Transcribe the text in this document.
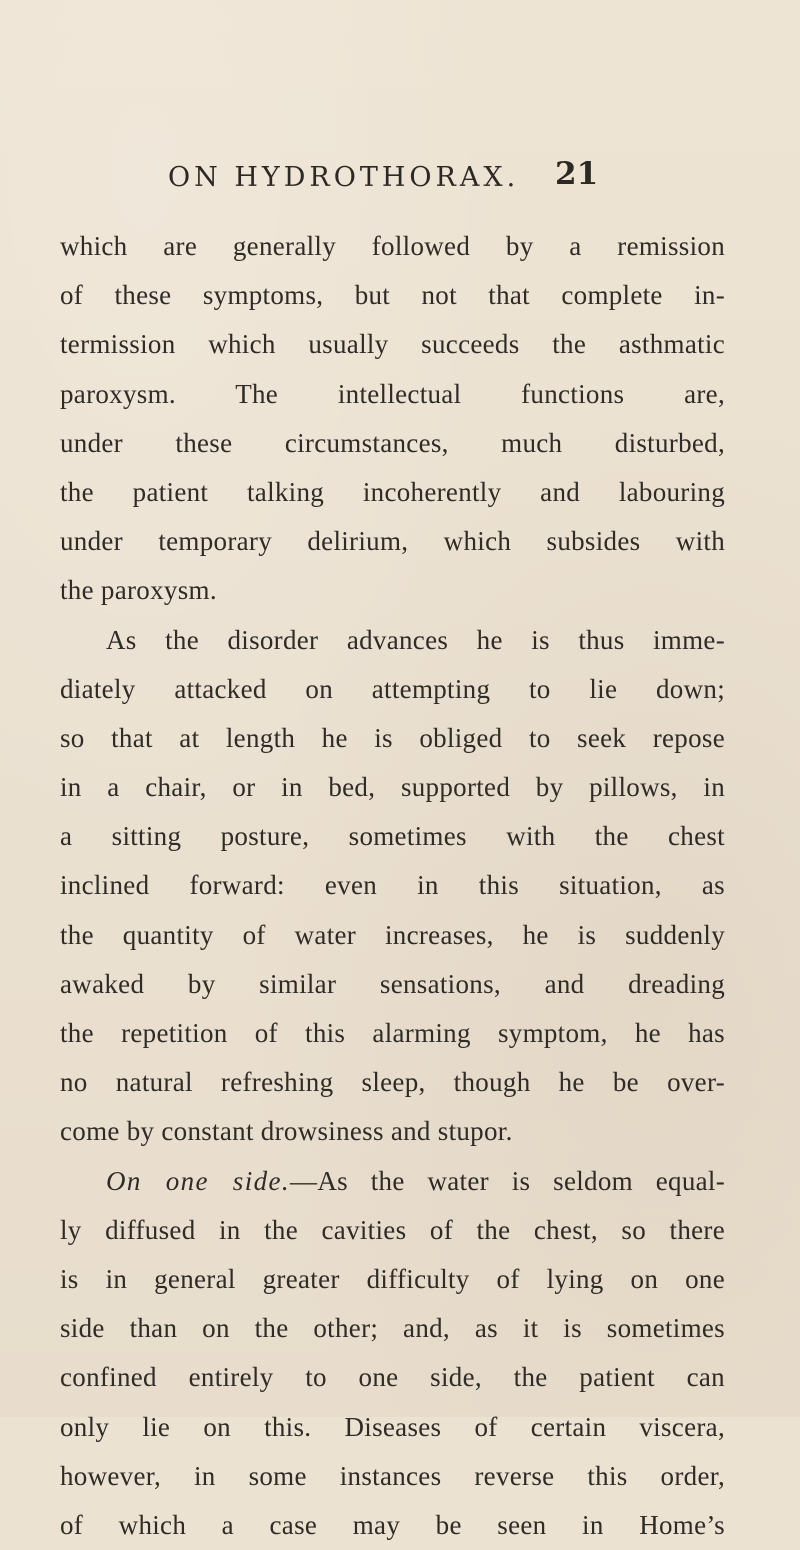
ON HYDROTHORAX. 21
which are generally followed by a remission
of these symptoms, but not that complete in-
termission which usually succeeds the asthmatic
paroxysm. The intellectual functions are,
under these circumstances, much disturbed,
the patient talking incoherently and labouring
under temporary delirium, which subsides with
the paroxysm.
As the disorder advances he is thus imme-
diately attacked on attempting to lie down;
so that at length he is obliged to seek repose
in a chair, or in bed, supported by pillows, in
a sitting posture, sometimes with the chest
inclined forward: even in this situation, as
the quantity of water increases, he is suddenly
awaked by similar sensations, and dreading
the repetition of this alarming symptom, he has
no natural refreshing sleep, though he be over-
come by constant drowsiness and stupor.
On one side.—As the water is seldom equal-
ly diffused in the cavities of the chest, so there
is in general greater difficulty of lying on one
side than on the other; and, as it is sometimes
confined entirely to one side, the patient can
only lie on this. Diseases of certain viscera,
however, in some instances reverse this order,
of which a case may be seen in Home’s
